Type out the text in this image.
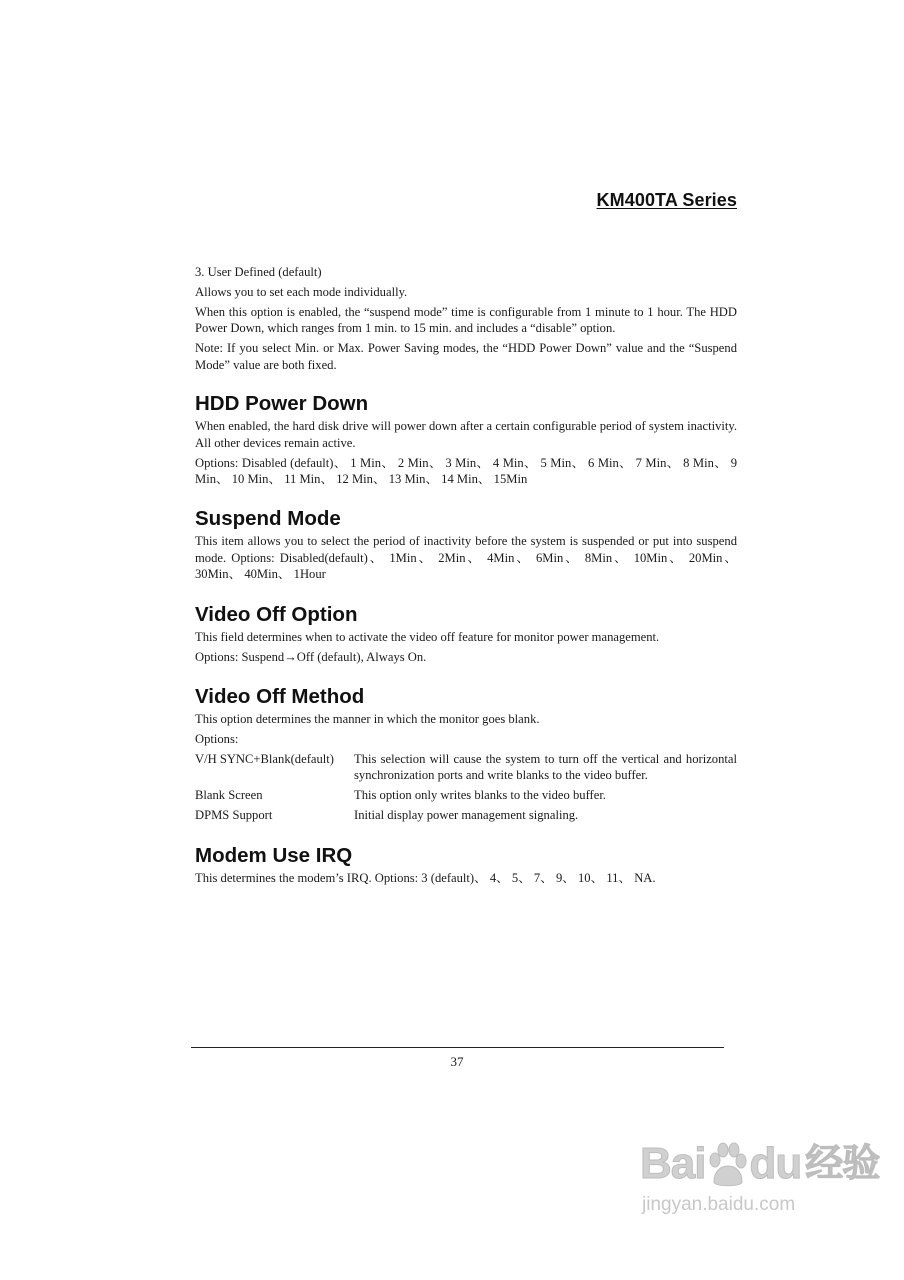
KM400TA Series

3. User Defined (default)

Allows you to set each mode individually.

When this option is enabled, the “suspend mode” time is configurable from 1 minute to 1 hour. The HDD Power Down, which ranges from 1 min. to 15 min. and includes a “disable” option.

Note: If you select Min. or Max. Power Saving modes, the “HDD Power Down” value and the “Suspend Mode” value are both fixed.

HDD Power Down

When enabled, the hard disk drive will power down after a certain configurable period of system inactivity. All other devices remain active.

Options: Disabled (default)、 1 Min、 2 Min、 3 Min、 4 Min、 5 Min、 6 Min、 7 Min、 8 Min、 9 Min、 10 Min、 11 Min、 12 Min、 13 Min、 14 Min、 15Min

Suspend Mode

This item allows you to select the period of inactivity before the system is suspended or put into suspend mode. Options: Disabled(default)、 1Min、 2Min、 4Min、 6Min、 8Min、 10Min、 20Min、 30Min、 40Min、 1Hour

Video Off Option

This field determines when to activate the video off feature for monitor power management.

Options: Suspend→Off (default), Always On.

Video Off Method

This option determines the manner in which the monitor goes blank.

Options:

V/H SYNC+Blank(default)	This selection will cause the system to turn off the vertical and horizontal synchronization ports and write blanks to the video buffer.
Blank Screen	This option only writes blanks to the video buffer.
DPMS Support	Initial display power management signaling.
Modem Use IRQ

This determines the modem’s IRQ. Options: 3 (default)、 4、 5、 7、 9、 10、 11、 NA.

37
Bai du 经验
jingyan.baidu.com
